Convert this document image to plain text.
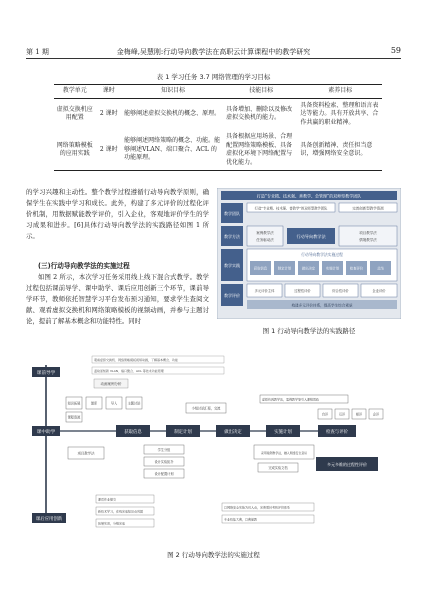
第 1 期	金梅峰,吴慧刚:行动导向教学法在高职云计算课程中的教学研究	59
表 1 学习任务 3.7 网络管理的学习目标
教学单元	课时	知识目标	技能目标	素养目标
虚拟交换机应用配置	2 课时	能够阐述虚拟交换机的概念、原理。	具备增加、删除以及修改虚拟交换机的能力。	具备资料检索、整理和语言表达等能力。具有开放共享、合作共赢的职业精神。
网络策略模板的应用实践	2 课时	能够阐述网络策略的概念、功能。能够阐述VLAN、端口聚合、ACL 的功能原理。	具备根据应用场景、合理配置网络策略模板、具备虚拟化环境下网络配置与优化能力。	具备创新精神、责任担当意识，增强网络安全意识。
的学习兴趣和主动性。整个教学过程遵循行动导向教学原则，确保学生在实践中学习和成长。此外，构建了多元评价的过程化评价机制，用数据赋能教学评价，引入企业，客观地评价学生的学习成果和进步。[6]具体行动导向教学法的实践路径如图 1 所示。
(三)行动导向教学法的实施过程
如图 2 所示，本次学习任务采用线上线下混合式教学。教学过程包括课前导学、课中助学、课后应用创新三个环节，课前导学环节，教师依托智慧学习平台发布预习通知，要求学生查阅文献、观看虚拟交换机和网络策略模板的视频动画，并参与主题讨论，提前了解基本概念和功能特性。同时
打造“专业精、技术强、善教学、会管理”的双师型教学团队
教学团队
打造“专业精、技术强、善教学”的双师型教学团队	完善创新型教学资源
教学方法
案例教学法
任务驱动法
行动导向教学法
项目教学法
情境教学法
教学实践
行动导向教学法实施过程
获取信息	制定计划	做出决定	实施计划	检查评价	总结
教学评价
多元评价主体	过程性评价	综合性评价	企业评价
构建多元评价体系，提高学生综合素质
图 1 行动导向教学法的实践路径
课前导学
观看虚拟交换机、网络策略模板视频动画，了解基本概念、功能
温故而知新 VLAN、端口聚合、ACL 等技术功能原理
动画案例分析
知识拓展	理库	导入	主题讨论
课程资源
课中助学	获取信息	制定计划	做出决定	实施计划	检查与评价
小组讨论汇报，交流
虚拟仿真教学法，案例教学等引入课程思政
自评	互评	师评	企评
项目教学法
学生分组
设计实验拓扑
设计配置计划
采用案例教学法，融入网络安全意识
完成实验文档
多元多维的过程性评价
课后应用创新
课后作业提交
新技术学习，在线完成知识点巩固
拓展实训，分组完成
以网络安全实验为切入点，完善项目考核评价体系
专业技能大赛，以赛促教
图 2 行动导向教学法的实施过程
